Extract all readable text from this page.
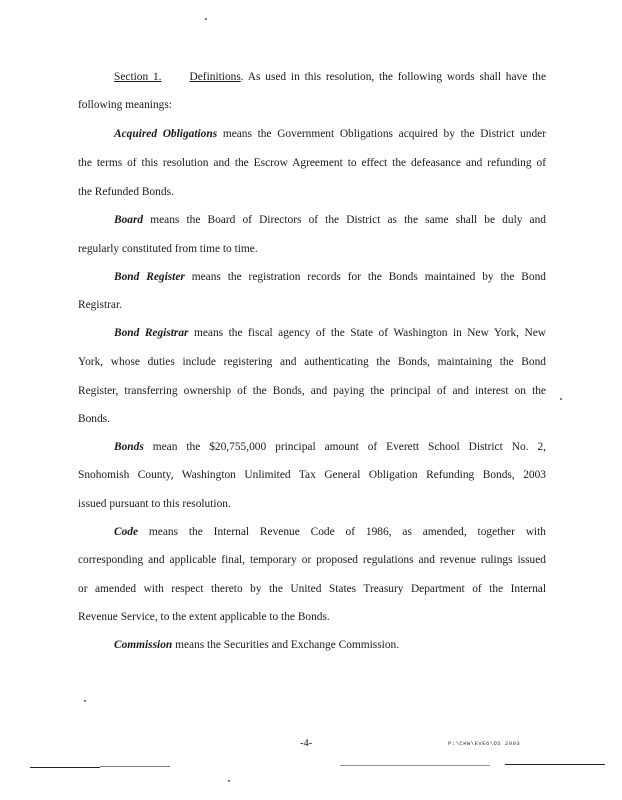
Section 1. Definitions. As used in this resolution, the following words shall have the
following meanings:
Acquired Obligations means the Government Obligations acquired by the District under
the terms of this resolution and the Escrow Agreement to effect the defeasance and refunding of
the Refunded Bonds.
Board means the Board of Directors of the District as the same shall be duly and
regularly constituted from time to time.
Bond Register means the registration records for the Bonds maintained by the Bond
Registrar.
Bond Registrar means the fiscal agency of the State of Washington in New York, New
York, whose duties include registering and authenticating the Bonds, maintaining the Bond
Register, transferring ownership of the Bonds, and paying the principal of and interest on the
Bonds.
Bonds mean the $20,755,000 principal amount of Everett School District No. 2,
Snohomish County, Washington Unlimited Tax General Obligation Refunding Bonds, 2003
issued pursuant to this resolution.
Code means the Internal Revenue Code of 1986, as amended, together with
corresponding and applicable final, temporary or proposed regulations and revenue rulings issued
or amended with respect thereto by the United States Treasury Department of the Internal
Revenue Service, to the extent applicable to the Bonds.
Commission means the Securities and Exchange Commission.
-4-	P:\CHW\EVE6\DS 2003
